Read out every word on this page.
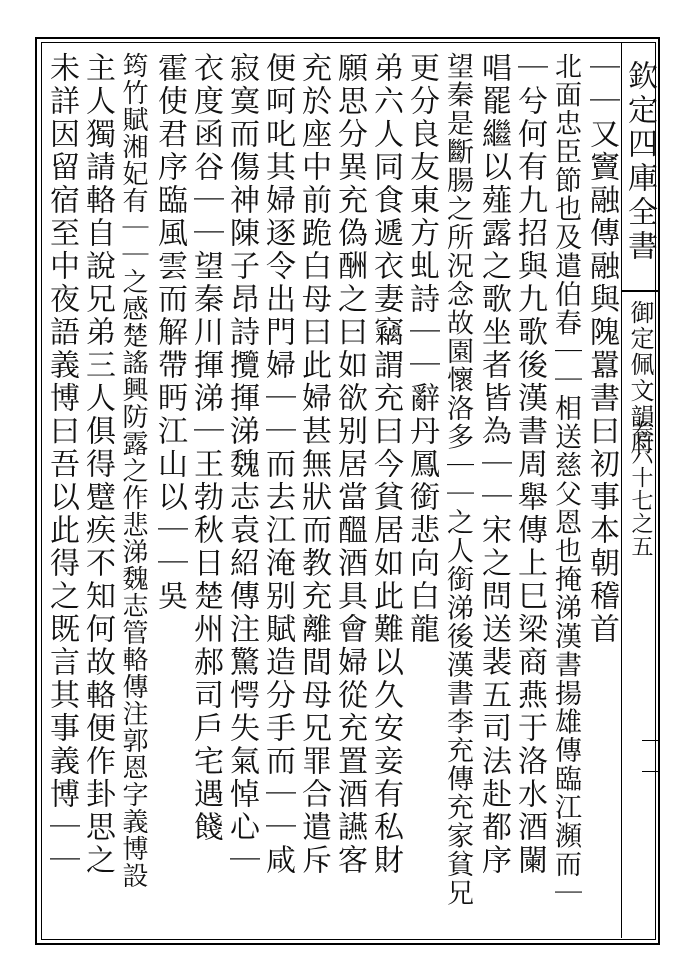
欽定四庫全書
御定佩文韻府
卷六十七之五
｜｜又竇融傳融與隗囂書曰初事本朝稽首
北面忠臣節也及遣伯春｜｜相送慈父恩也掩涕漢書揚雄傳臨江瀕而｜
｜兮何有九招與九歌後漢書周舉傳上巳梁商燕于洛水酒闌
唱罷繼以薤露之歌坐者皆為｜｜宋之問送裴五司法赴都序
望秦是斷腸之所況念故園懷洛多｜｜之人銜涕後漢書李充傳充家貧兄
更分良友東方虬詩｜｜辭丹鳳銜悲向白龍
弟六人同食遞衣妻竊謂充曰今貧居如此難以久安妾有私財
願思分異充偽酬之曰如欲别居當醞酒具會婦從充置酒讌客
充於座中前跪白母曰此婦甚無狀而教充離間母兄罪合遣斥
便呵叱其婦逐令出門婦｜｜而去江淹别賦造分手而｜｜咸
寂寞而傷神陳子昂詩攬揮涕魏志袁紹傳注驚愕失氣悼心｜
衣度函谷｜｜望秦川揮涕｜王勃秋日楚州郝司戶宅遇餞
霍使君序臨風雲而解帶眄江山以｜｜吳
筠竹賦湘妃有｜｜之感楚謠興防露之作悲涕魏志管輅傳注郭恩字義博設
主人獨請輅自說兄弟三人俱得躄疾不知何故輅便作卦思之
未詳因留宿至中夜語義博曰吾以此得之既言其事義博｜｜
